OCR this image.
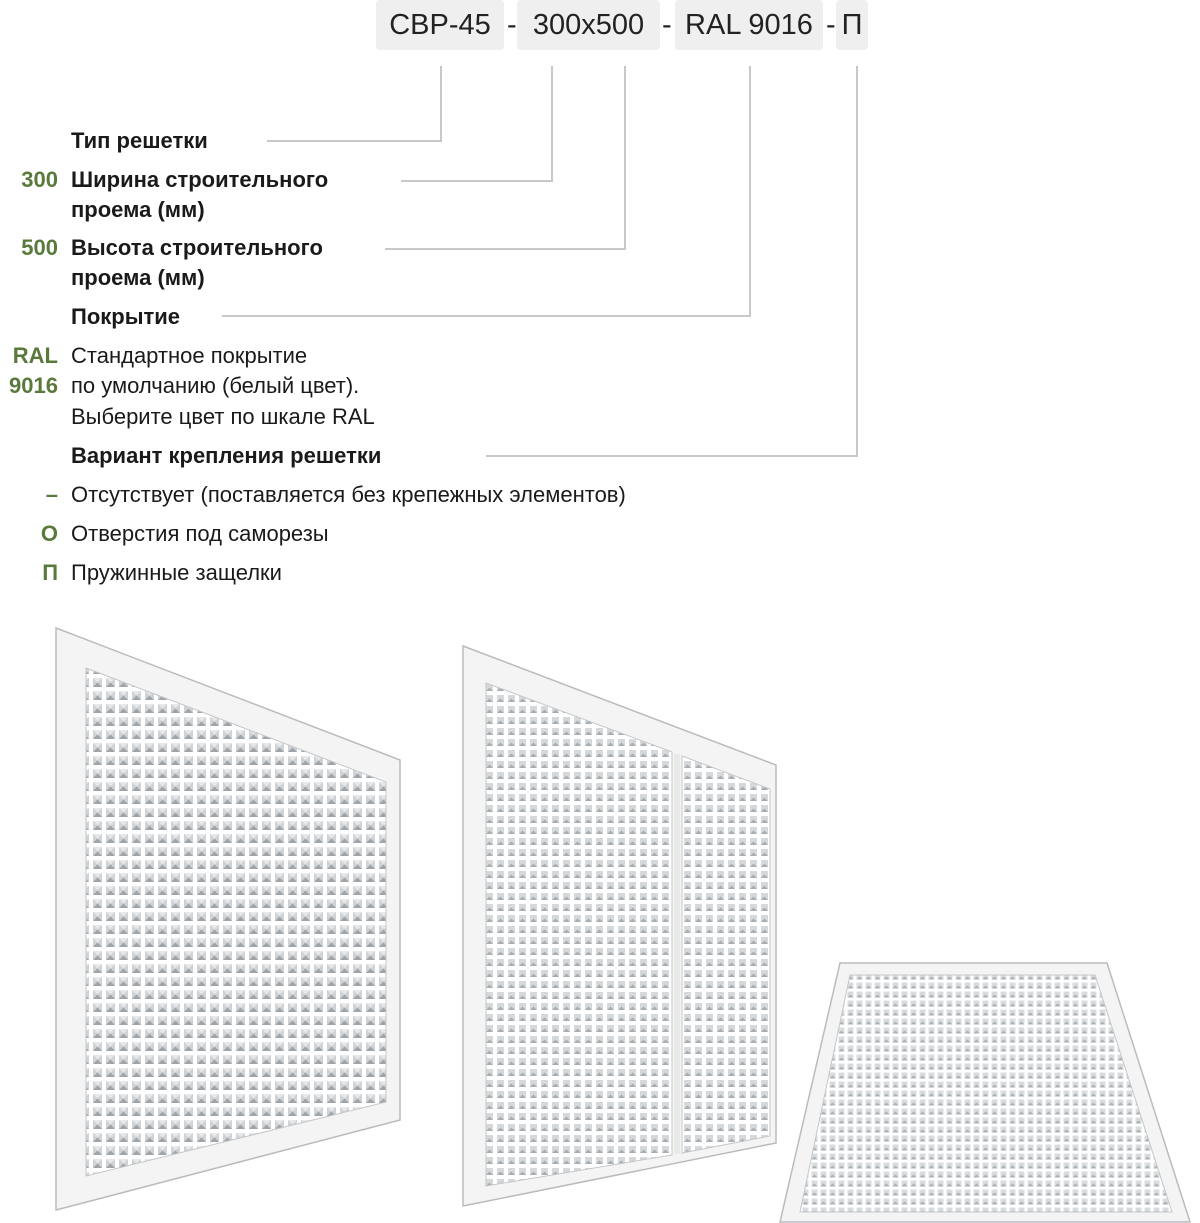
СВР-45 - 300х500 - RAL 9016 - П
Тип решетки
300 Ширина строительного
проема (мм)
500 Высота строительного
проема (мм)
Покрытие
RAL
9016
Стандартное покрытие
по умолчанию (белый цвет).
Выберите цвет по шкале RAL
Вариант крепления решетки
– Отсутствует (поставляется без крепежных элементов)
О Отверстия под саморезы
П Пружинные защелки
